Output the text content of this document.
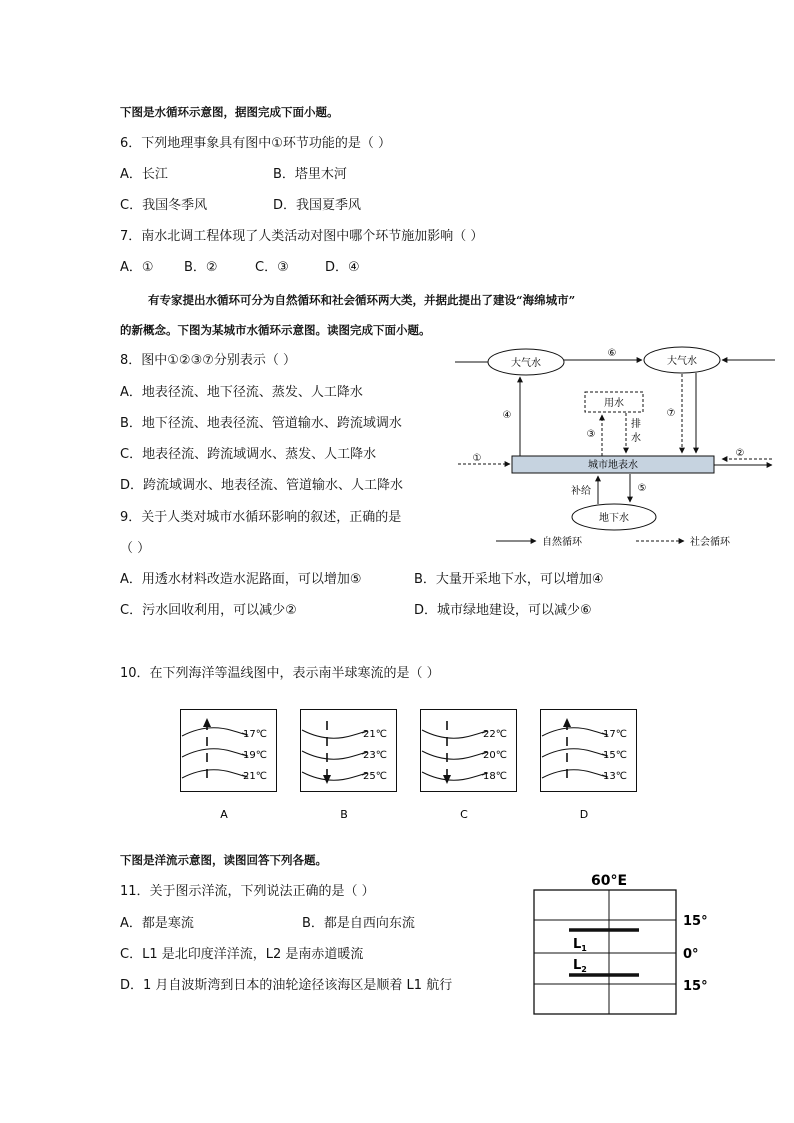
下图是水循环示意图，据图完成下面小题。
6．下列地理事象具有图中①环节功能的是（ ）
A．长江	B．塔里木河
C．我国冬季风	D．我国夏季风
7．南水北调工程体现了人类活动对图中哪个环节施加影响（ ）
A．① B．②	C．③	D．④
有专家提出水循环可分为自然循环和社会循环两大类，并据此提出了建设“海绵城市”
的新概念。下图为某城市水循环示意图。读图完成下面小题。
8．图中①②③⑦分别表示（ ）
A．地表径流、地下径流、蒸发、人工降水
B．地下径流、地表径流、管道输水、跨流域调水
C．地表径流、跨流域调水、蒸发、人工降水
D．跨流域调水、地表径流、管道输水、人工降水
9．关于人类对城市水循环影响的叙述，正确的是
（ ）
A．用透水材料改造水泥路面，可以增加⑤	B．大量开采地下水，可以增加④
C．污水回收利用，可以减少②	D．城市绿地建设，可以减少⑥
大气水	大气水
⑥
④	⑦
用水
③
排
水
城市地表水
①	②
地下水
补给	⑤
自然循环	社会循环
10．在下列海洋等温线图中，表示南半球寒流的是（ ）
17℃
19℃
21℃
A
21℃
23℃
25℃
B
22℃
20℃
18℃
C
17℃
15℃
13℃
D
下图是洋流示意图，读图回答下列各题。
11．关于图示洋流，下列说法正确的是（ ）
A．都是寒流	B．都是自西向东流
C．L1 是北印度洋洋流，L2 是南赤道暖流
D．1 月自波斯湾到日本的油轮途径该海区是顺着 L1 航行
60°E
$L_1$
$L_2$
15°
0°
15°
